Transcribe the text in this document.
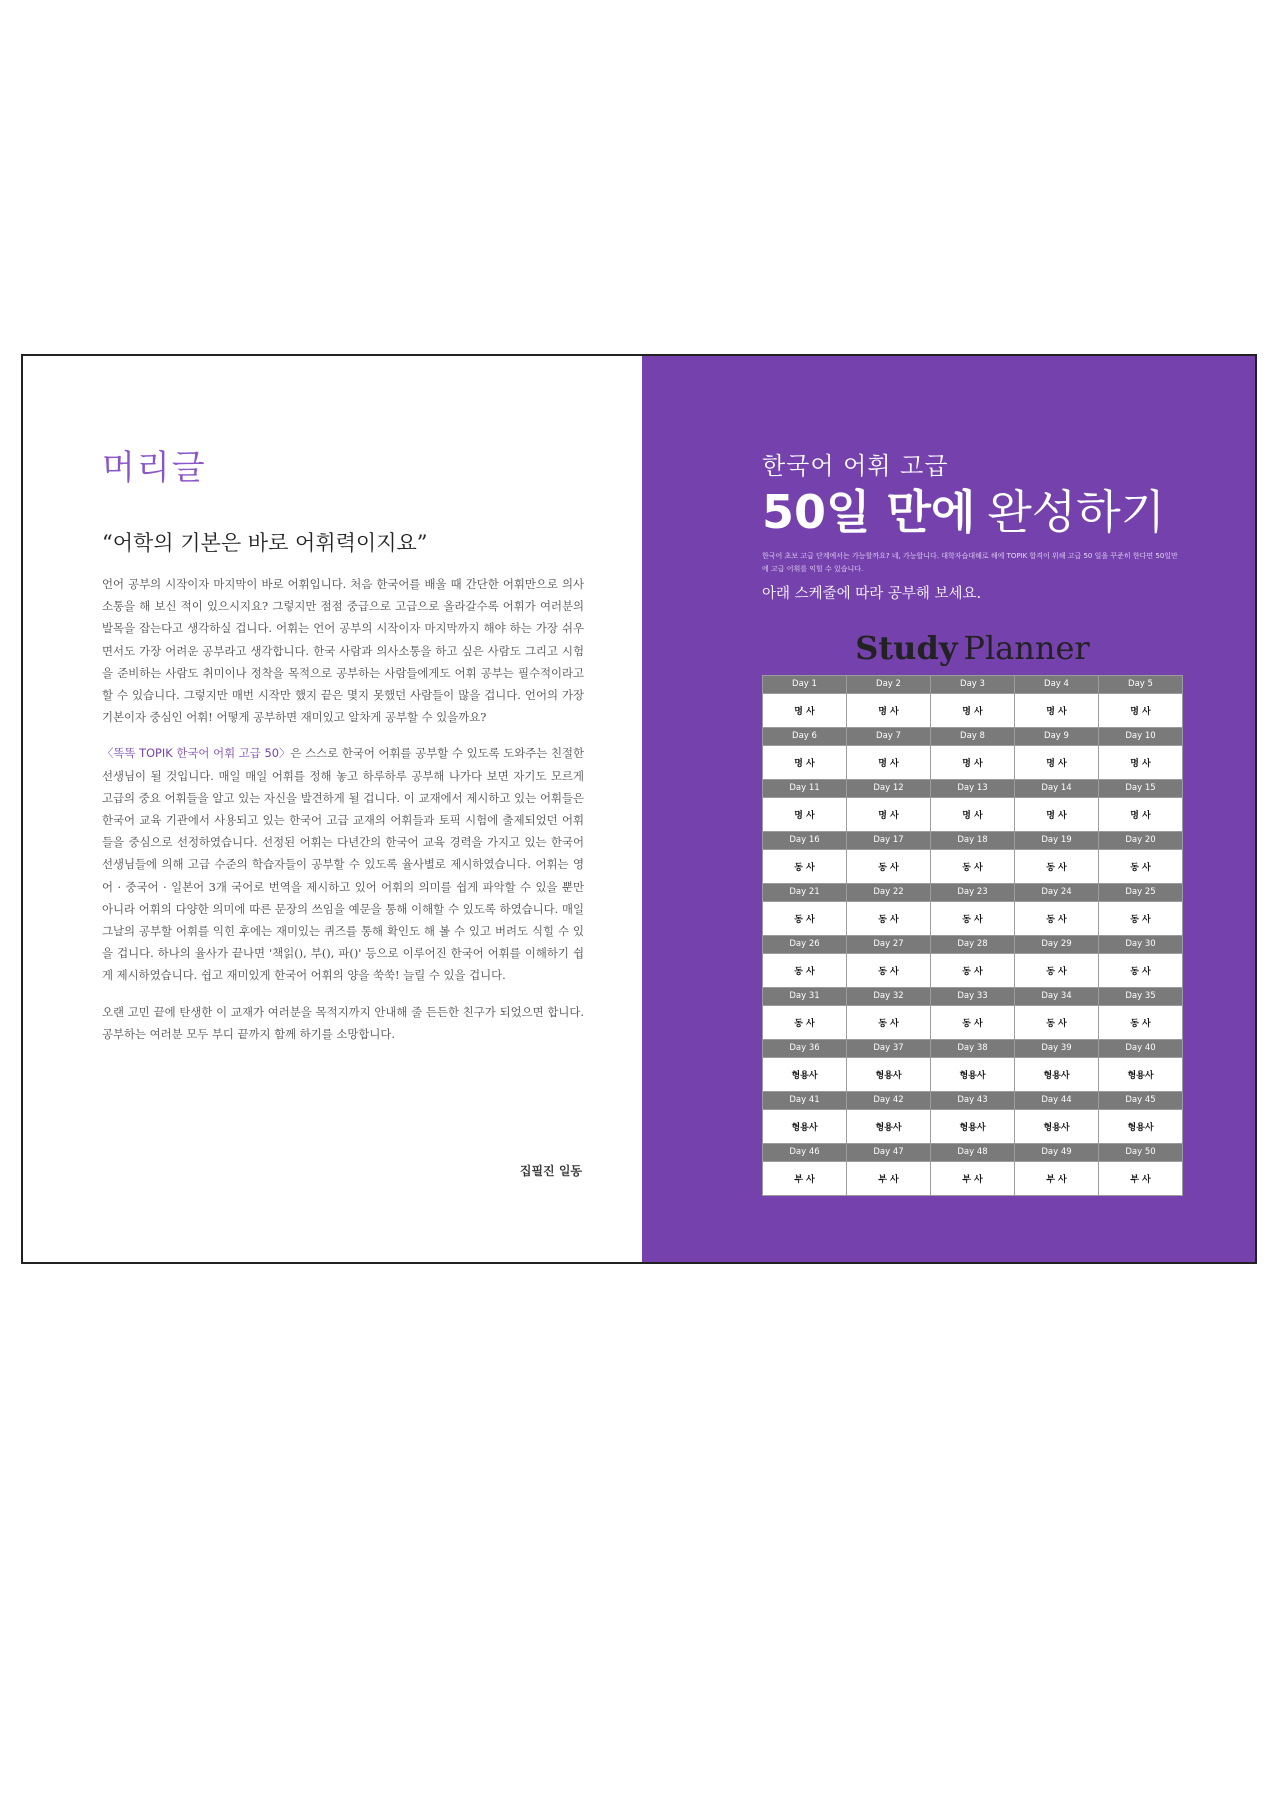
머리글
“어학의 기본은 바로 어휘력이지요”

언어 공부의 시작이자 마지막이 바로 어휘입니다. 처음 한국어를 배울 때 간단한 어휘만으로 의사소통을 해 보신 적이 있으시지요? 그렇지만 점점 중급으로 고급으로 올라갈수록 어휘가 여러분의 발목을 잡는다고 생각하실 겁니다. 어휘는 언어 공부의 시작이자 마지막까지 해야 하는 가장 쉬우면서도 가장 어려운 공부라고 생각합니다. 한국 사람과 의사소통을 하고 싶은 사람도 그리고 시험을 준비하는 사람도 취미이나 정착을 목적으로 공부하는 사람들에게도 어휘 공부는 필수적이라고 할 수 있습니다. 그렇지만 매번 시작만 했지 끝은 몇지 못했던 사람들이 많을 겁니다. 언어의 가장 기본이자 중심인 어휘! 어떻게 공부하면 재미있고 알차게 공부할 수 있을까요?

〈똑똑 TOPIK 한국어 어휘 고급 50〉은 스스로 한국어 어휘를 공부할 수 있도록 도와주는 친절한 선생님이 될 것입니다. 매일 매일 어휘를 정해 놓고 하루하루 공부해 나가다 보면 자기도 모르게 고급의 중요 어휘들을 알고 있는 자신을 발견하게 될 겁니다. 이 교재에서 제시하고 있는 어휘들은 한국어 교육 기관에서 사용되고 있는 한국어 고급 교재의 어휘들과 토픽 시험에 출제되었던 어휘들을 중심으로 선정하였습니다. 선정된 어휘는 다년간의 한국어 교육 경력을 가지고 있는 한국어 선생님들에 의해 고급 수준의 학습자들이 공부할 수 있도록 율사별로 제시하였습니다. 어휘는 영어 · 중국어 · 일본어 3개 국어로 번역을 제시하고 있어 어휘의 의미를 쉽게 파악할 수 있을 뿐만 아니라 어휘의 다양한 의미에 따른 문장의 쓰임을 예문을 통해 이해할 수 있도록 하였습니다. 매일 그날의 공부할 어휘를 익힌 후에는 재미있는 퀴즈를 통해 확인도 해 볼 수 있고 버려도 식힐 수 있을 겁니다. 하나의 율사가 끝나면 '책읽(), 부(), 파()' 등으로 이루어진 한국어 어휘를 이해하기 쉽게 제시하였습니다. 쉽고 재미있게 한국어 어휘의 양을 쑥쑥! 늘릴 수 있을 겁니다.

오랜 고민 끝에 탄생한 이 교재가 여러분을 목적지까지 안내해 줄 든든한 친구가 되었으면 합니다. 공부하는 여러분 모두 부디 끝까지 함께 하기를 소망합니다.

집필진 일동
한국어 어휘 고급
50일 만에 완성하기

한국어 초보 고급 단계에서는 가능할까요? 네, 가능합니다. 대학자습대해로 해에 TOPIK 합격이 위해 고급 50 일을 꾸준히 한다면 50일만에 고급 어휘를 익힐 수 있습니다.

아래 스케줄에 따라 공부해 보세요.

Study Planner
Day 1	Day 2	Day 3	Day 4	Day 5
명 사	명 사	명 사	명 사	명 사
Day 6	Day 7	Day 8	Day 9	Day 10
명 사	명 사	명 사	명 사	명 사
Day 11	Day 12	Day 13	Day 14	Day 15
명 사	명 사	명 사	명 사	명 사
Day 16	Day 17	Day 18	Day 19	Day 20
동 사	동 사	동 사	동 사	동 사
Day 21	Day 22	Day 23	Day 24	Day 25
동 사	동 사	동 사	동 사	동 사
Day 26	Day 27	Day 28	Day 29	Day 30
동 사	동 사	동 사	동 사	동 사
Day 31	Day 32	Day 33	Day 34	Day 35
동 사	동 사	동 사	동 사	동 사
Day 36	Day 37	Day 38	Day 39	Day 40
형용사	형용사	형용사	형용사	형용사
Day 41	Day 42	Day 43	Day 44	Day 45
형용사	형용사	형용사	형용사	형용사
Day 46	Day 47	Day 48	Day 49	Day 50
부 사	부 사	부 사	부 사	부 사
